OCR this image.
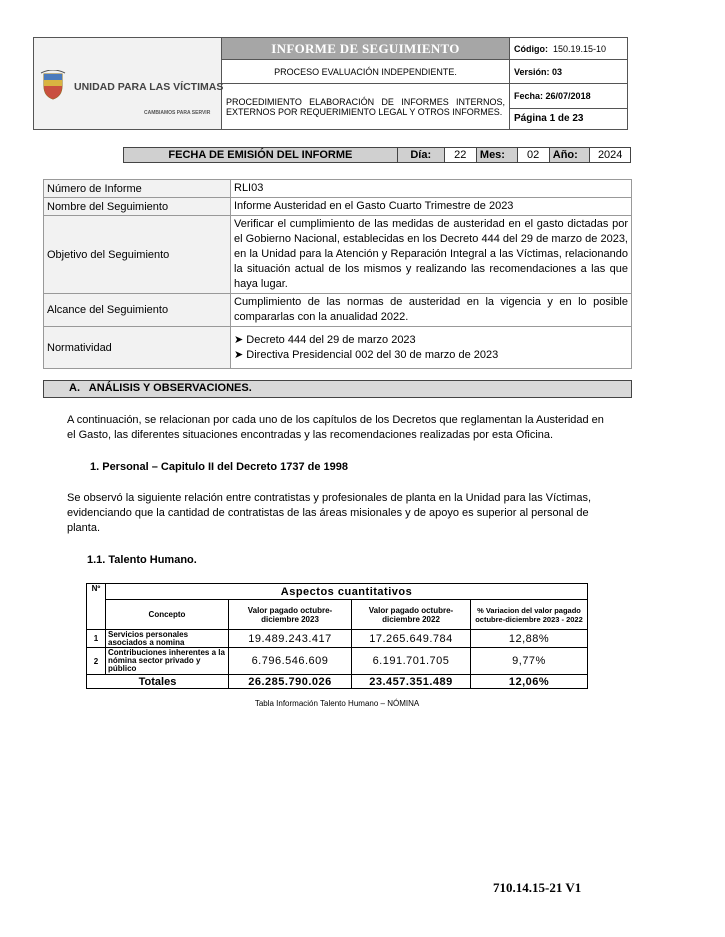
UNIDAD PARA LAS VÍCTIMAS
CAMBIAMOS PARA SERVIR	INFORME DE SEGUIMIENTO	Código: 150.19.15-10
	PROCESO EVALUACIÓN INDEPENDIENTE.	Versión: 03
	PROCEDIMIENTO ELABORACIÓN DE INFORMES INTERNOS, EXTERNOS POR REQUERIMIENTO LEGAL Y OTROS INFORMES.	Fecha: 26/07/2018
		Página 1 de 23
FECHA DE EMISIÓN DEL INFORME	Día:	22	Mes:	02	Año:	2024
Número de Informe	RLI03
Nombre del Seguimiento	Informe Austeridad en el Gasto Cuarto Trimestre de 2023
Objetivo del Seguimiento	Verificar el cumplimiento de las medidas de austeridad en el gasto dictadas por el Gobierno Nacional, establecidas en los Decreto 444 del 29 de marzo de 2023, en la Unidad para la Atención y Reparación Integral a las Víctimas, relacionando la situación actual de los mismos y realizando las recomendaciones a las que haya lugar.
Alcance del Seguimiento	Cumplimiento de las normas de austeridad en la vigencia y en lo posible compararlas con la anualidad 2022.
Normatividad	➤ Decreto 444 del 29 de marzo 2023
➤ Directiva Presidencial 002 del 30 de marzo de 2023
A.   ANÁLISIS Y OBSERVACIONES.
A continuación, se relacionan por cada uno de los capítulos de los Decretos que reglamentan la Austeridad en el Gasto, las diferentes situaciones encontradas y las recomendaciones realizadas por esta Oficina.
1. Personal – Capitulo II del Decreto 1737 de 1998
Se observó la siguiente relación entre contratistas y profesionales de planta en la Unidad para las Víctimas, evidenciando que la cantidad de contratistas de las áreas misionales y de apoyo es superior al personal de planta.
1.1. Talento Humano.
Nº	Aspectos cuantitativos			
	Concepto	Valor pagado octubre-diciembre 2023	Valor pagado octubre-diciembre 2022	% Variacion del valor pagado octubre-diciembre 2023 - 2022
1	Servicios personales asociados a nomina	19.489.243.417	17.265.649.784	12,88%
2	Contribuciones inherentes a la nómina sector privado y público	6.796.546.609	6.191.701.705	9,77%
Totales		26.285.790.026	23.457.351.489	12,06%
Tabla Información Talento Humano – NÓMINA
710.14.15-21 V1
